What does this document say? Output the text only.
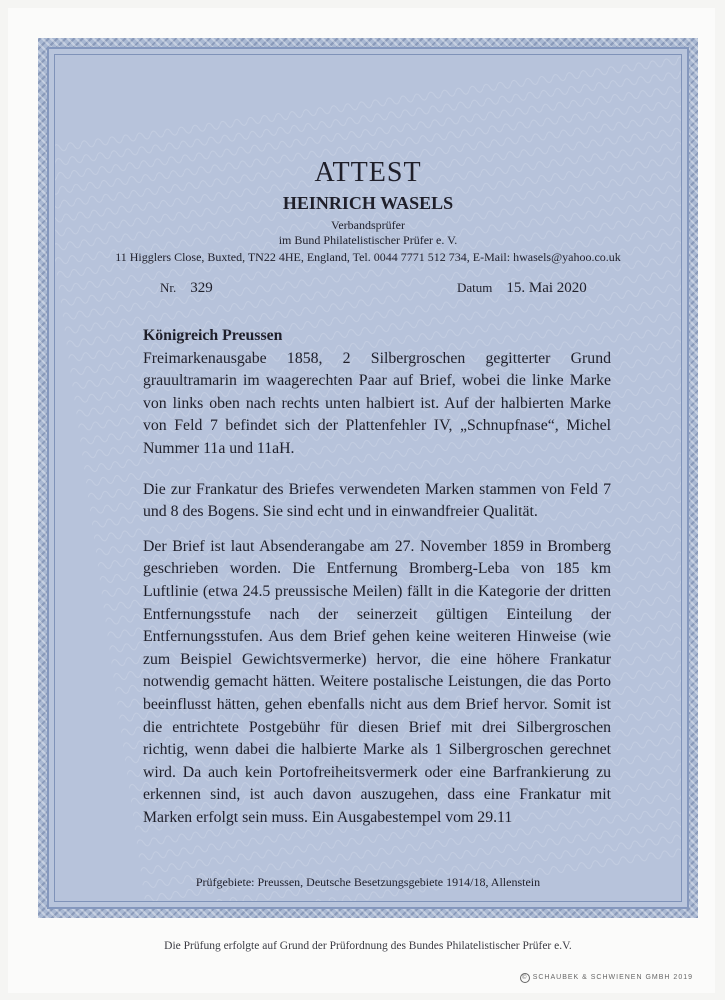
ATTEST
HEINRICH WASELS
Verbandsprüfer
im Bund Philatelistischer Prüfer e. V.
11 Higglers Close, Buxted, TN22 4HE, England, Tel. 0044 7771 512 734, E-Mail: hwasels@yahoo.co.uk
Nr. 329	Datum 15. Mai 2020

Königreich Preussen

Freimarkenausgabe 1858, 2 Silbergroschen gegitterter Grund grauultramarin im waagerechten Paar auf Brief, wobei die linke Marke von links oben nach rechts unten halbiert ist. Auf der halbierten Marke von Feld 7 befindet sich der Plattenfehler IV, „Schnupfnase“, Michel Nummer 11a und 11aH.

Die zur Frankatur des Briefes verwendeten Marken stammen von Feld 7 und 8 des Bogens. Sie sind echt und in einwandfreier Qualität.

Der Brief ist laut Absenderangabe am 27. November 1859 in Bromberg geschrieben worden. Die Entfernung Bromberg-Leba von 185 km Luftlinie (etwa 24.5 preussische Meilen) fällt in die Kategorie der dritten Entfernungsstufe nach der seinerzeit gültigen Einteilung der Entfernungsstufen. Aus dem Brief gehen keine weiteren Hinweise (wie zum Beispiel Gewichtsvermerke) hervor, die eine höhere Frankatur notwendig gemacht hätten. Weitere postalische Leistungen, die das Porto beeinflusst hätten, gehen ebenfalls nicht aus dem Brief hervor. Somit ist die entrichtete Postgebühr für diesen Brief mit drei Silbergroschen richtig, wenn dabei die halbierte Marke als 1 Silbergroschen gerechnet wird. Da auch kein Portofreiheitsvermerk oder eine Barfrankierung zu erkennen sind, ist auch davon auszugehen, dass eine Frankatur mit Marken erfolgt sein muss. Ein Ausgabestempel vom 29.11

Prüfgebiete: Preussen, Deutsche Besetzungsgebiete 1914/18, Allenstein
Die Prüfung erfolgte auf Grund der Prüfordnung des Bundes Philatelistischer Prüfer e.V.
© SCHAUBEK & SCHWIENEN GMBH 2019
